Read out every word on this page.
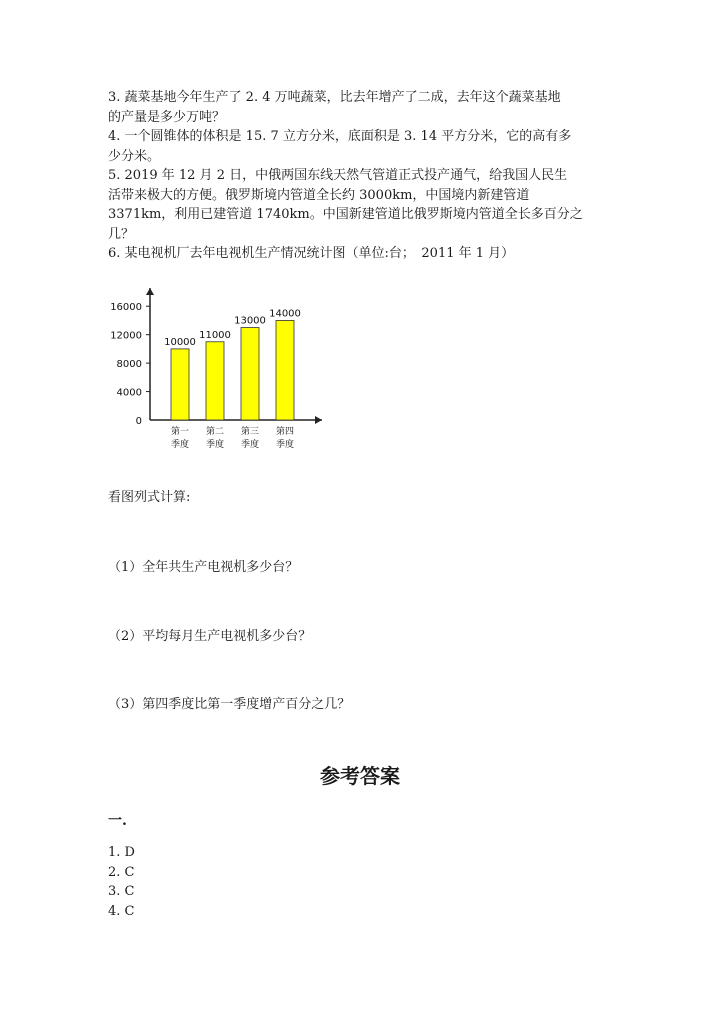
3. 蔬菜基地今年生产了 2. 4 万吨蔬菜，比去年增产了二成，去年这个蔬菜基地
的产量是多少万吨？
4. 一个圆锥体的体积是 15. 7 立方分米，底面积是 3. 14 平方分米，它的高有多
少分米。
5. 2019 年 12 月 2 日，中俄两国东线天然气管道正式投产通气，给我国人民生
活带来极大的方便。俄罗斯境内管道全长约 3000km，中国境内新建管道
3371km，利用已建管道 1740km。中国新建管道比俄罗斯境内管道全长多百分之
几？
6. 某电视机厂去年电视机生产情况统计图（单位:台；　2011 年 1 月）
0
4000
8000
12000
16000
10000
第一
季度
11000
第二
季度
13000
第三
季度
14000
第四
季度

看图列式计算:

（1）全年共生产电视机多少台？

（2）平均每月生产电视机多少台？

（3）第四季度比第一季度增产百分之几？

参考答案

一.

1. D
2. C
3. C
4. C
